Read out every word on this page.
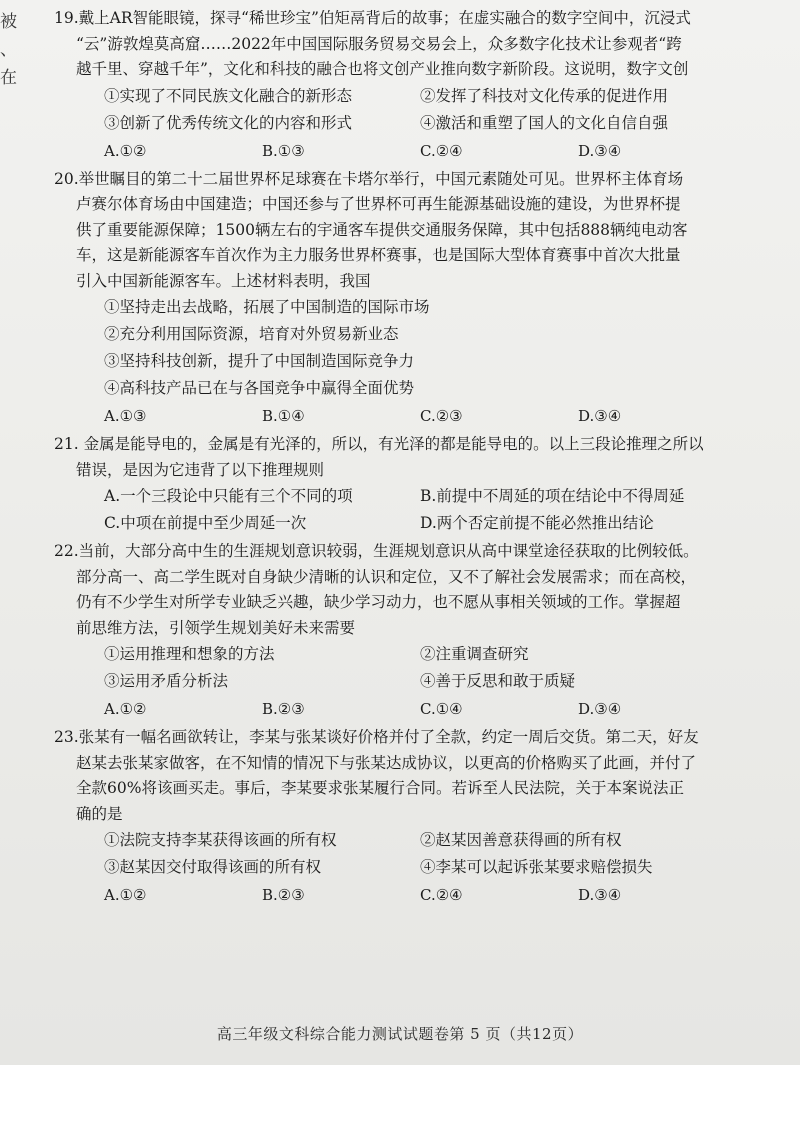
被
、
在

19.戴上AR智能眼镜，探寻“稀世珍宝”伯矩鬲背后的故事；在虚实融合的数字空间中，沉浸式
“云”游敦煌莫高窟……2022年中国国际服务贸易交易会上，众多数字化技术让参观者“跨
越千里、穿越千年”，文化和科技的融合也将文创产业推向数字新阶段。这说明，数字文创

①实现了不同民族文化融合的新形态	②发挥了科技对文化传承的促进作用
③创新了优秀传统文化的内容和形式	④激活和重塑了国人的文化自信自强
A.①②	B.①③	C.②④	D.③④

20.举世瞩目的第二十二届世界杯足球赛在卡塔尔举行，中国元素随处可见。世界杯主体育场
卢赛尔体育场由中国建造；中国还参与了世界杯可再生能源基础设施的建设，为世界杯提
供了重要能源保障；1500辆左右的宇通客车提供交通服务保障，其中包括888辆纯电动客
车，这是新能源客车首次作为主力服务世界杯赛事，也是国际大型体育赛事中首次大批量
引入中国新能源客车。上述材料表明，我国

①坚持走出去战略，拓展了中国制造的国际市场

②充分利用国际资源，培育对外贸易新业态

③坚持科技创新，提升了中国制造国际竞争力

④高科技产品已在与各国竞争中赢得全面优势

A.①③	B.①④	C.②③	D.③④

21. 金属是能导电的，金属是有光泽的，所以，有光泽的都是能导电的。以上三段论推理之所以
错误，是因为它违背了以下推理规则

A.一个三段论中只能有三个不同的项	B.前提中不周延的项在结论中不得周延
C.中项在前提中至少周延一次	D.两个否定前提不能必然推出结论

22.当前，大部分高中生的生涯规划意识较弱，生涯规划意识从高中课堂途径获取的比例较低。
部分高一、高二学生既对自身缺少清晰的认识和定位，又不了解社会发展需求；而在高校，
仍有不少学生对所学专业缺乏兴趣，缺少学习动力，也不愿从事相关领域的工作。掌握超
前思维方法，引领学生规划美好未来需要

①运用推理和想象的方法	②注重调查研究
③运用矛盾分析法	④善于反思和敢于质疑
A.①②	B.②③	C.①④	D.③④

23.张某有一幅名画欲转让，李某与张某谈好价格并付了全款，约定一周后交货。第二天，好友
赵某去张某家做客，在不知情的情况下与张某达成协议，以更高的价格购买了此画，并付了
全款60%将该画买走。事后，李某要求张某履行合同。若诉至人民法院，关于本案说法正
确的是

①法院支持李某获得该画的所有权	②赵某因善意获得画的所有权
③赵某因交付取得该画的所有权	④李某可以起诉张某要求赔偿损失
A.①②	B.②③	C.②④	D.③④
高三年级文科综合能力测试试题卷第 5 页（共12页）
